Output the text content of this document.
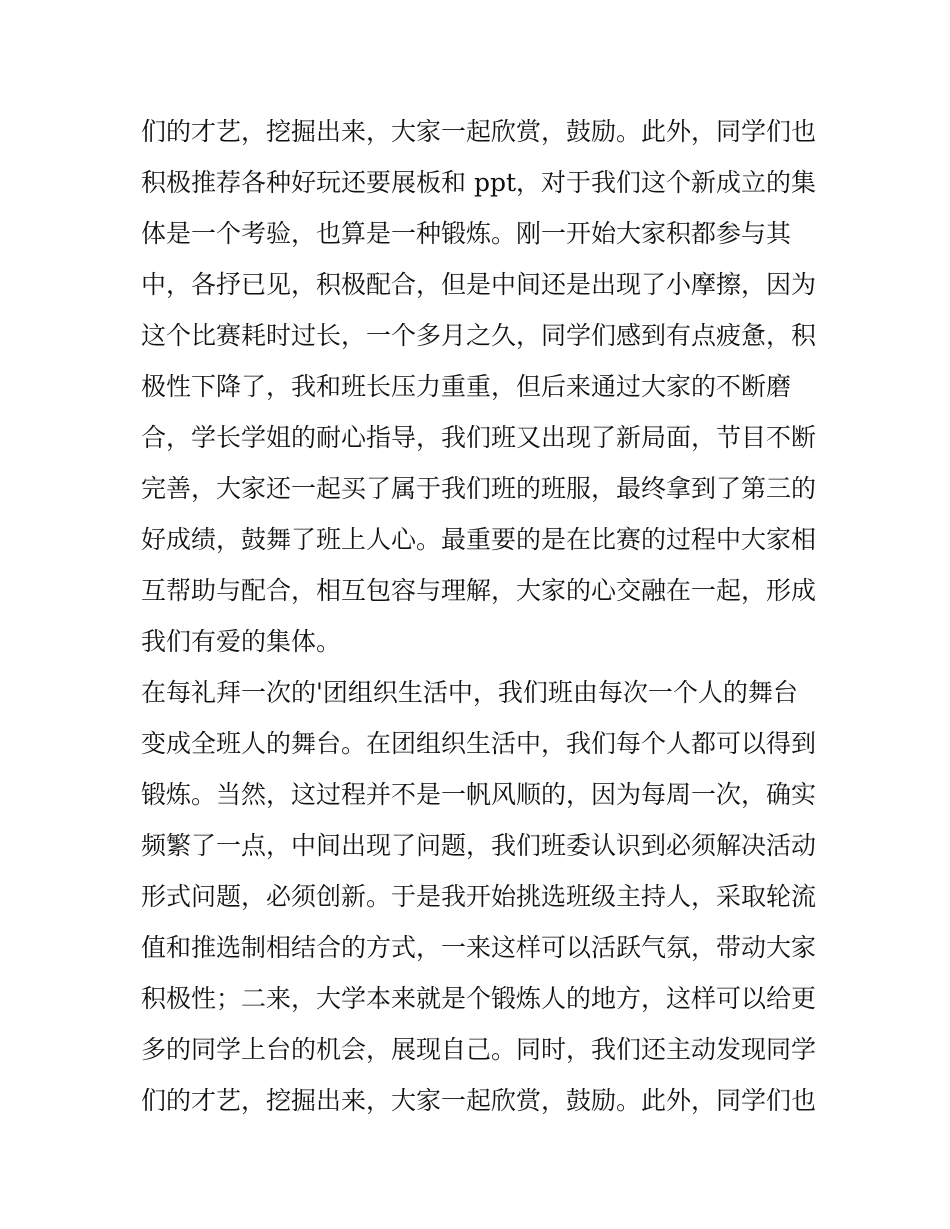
们的才艺，挖掘出来，大家一起欣赏，鼓励。此外，同学们也
积极推荐各种好玩还要展板和 ppt，对于我们这个新成立的集
体是一个考验，也算是一种锻炼。刚一开始大家积都参与其
中，各抒已见，积极配合，但是中间还是出现了小摩擦，因为
这个比赛耗时过长，一个多月之久，同学们感到有点疲惫，积
极性下降了，我和班长压力重重，但后来通过大家的不断磨
合，学长学姐的耐心指导，我们班又出现了新局面，节目不断
完善，大家还一起买了属于我们班的班服，最终拿到了第三的
好成绩，鼓舞了班上人心。最重要的是在比赛的过程中大家相
互帮助与配合，相互包容与理解，大家的心交融在一起，形成
我们有爱的集体。
在每礼拜一次的'团组织生活中，我们班由每次一个人的舞台
变成全班人的舞台。在团组织生活中，我们每个人都可以得到
锻炼。当然，这过程并不是一帆风顺的，因为每周一次，确实
频繁了一点，中间出现了问题，我们班委认识到必须解决活动
形式问题，必须创新。于是我开始挑选班级主持人，采取轮流
值和推选制相结合的方式，一来这样可以活跃气氛，带动大家
积极性；二来，大学本来就是个锻炼人的地方，这样可以给更
多的同学上台的机会，展现自己。同时，我们还主动发现同学
们的才艺，挖掘出来，大家一起欣赏，鼓励。此外，同学们也
